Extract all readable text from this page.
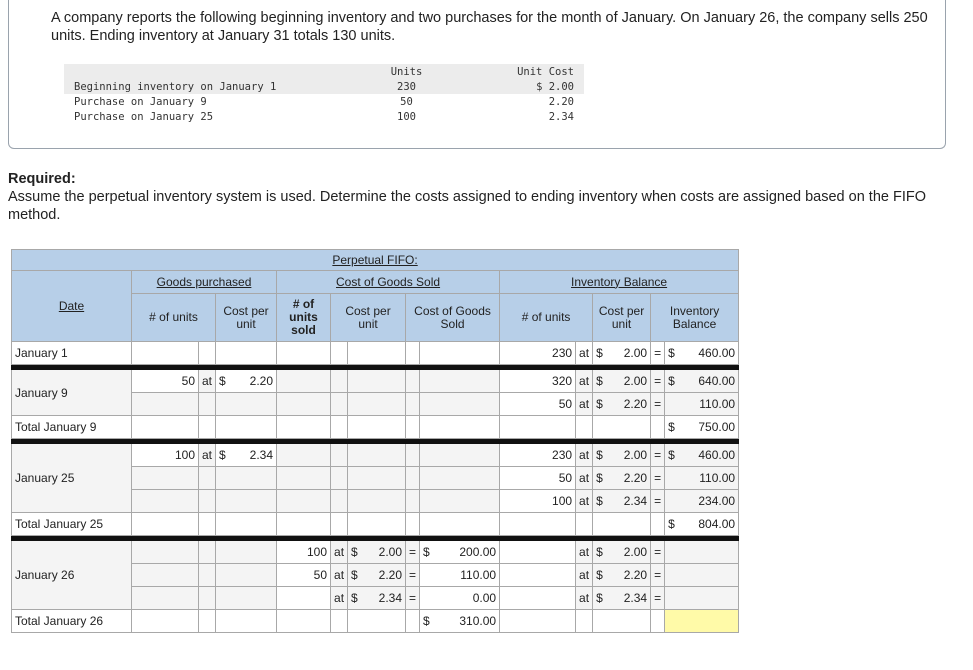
A company reports the following beginning inventory and two purchases for the month of January. On January 26, the company sells 250 units. Ending inventory at January 31 totals 130 units.
	Units		Unit Cost
Beginning inventory on January 1	230		$ 2.00
Purchase on January 9	50		2.20
Purchase on January 25	100		2.34
Required:
Assume the perpetual inventory system is used. Determine the costs assigned to ending inventory when costs are assigned based on the FIFO method.
Perpetual FIFO:													
Date	Goods purchased			Cost of Goods Sold					Inventory Balance				
	# of units		Cost per unit	# of units sold	Cost per unit		Cost of Goods Sold		# of units		Cost per unit	Inventory Balance	
January 1									230	at	$ 2.00	=	$ 460.00

January 9	50	at	$ 2.20						320	at	$ 2.00	=	$ 640.00

									50	at	$ 2.20	=	110.00
Total January 9													$ 750.00

January 25	100	at	$ 2.34						230	at	$ 2.00	=	$ 460.00

									50	at	$ 2.20	=	110.00
									100	at	$ 2.34	=	234.00
Total January 25													$ 804.00

January 26				100	at	$ 2.00	=	$ 200.00		at	$ 2.00	=	
				50	at	$ 2.20	=	110.00		at	$ 2.20	=	
					at	$ 2.34	=	0.00		at	$ 2.34	=	
Total January 26								$ 310.00					
